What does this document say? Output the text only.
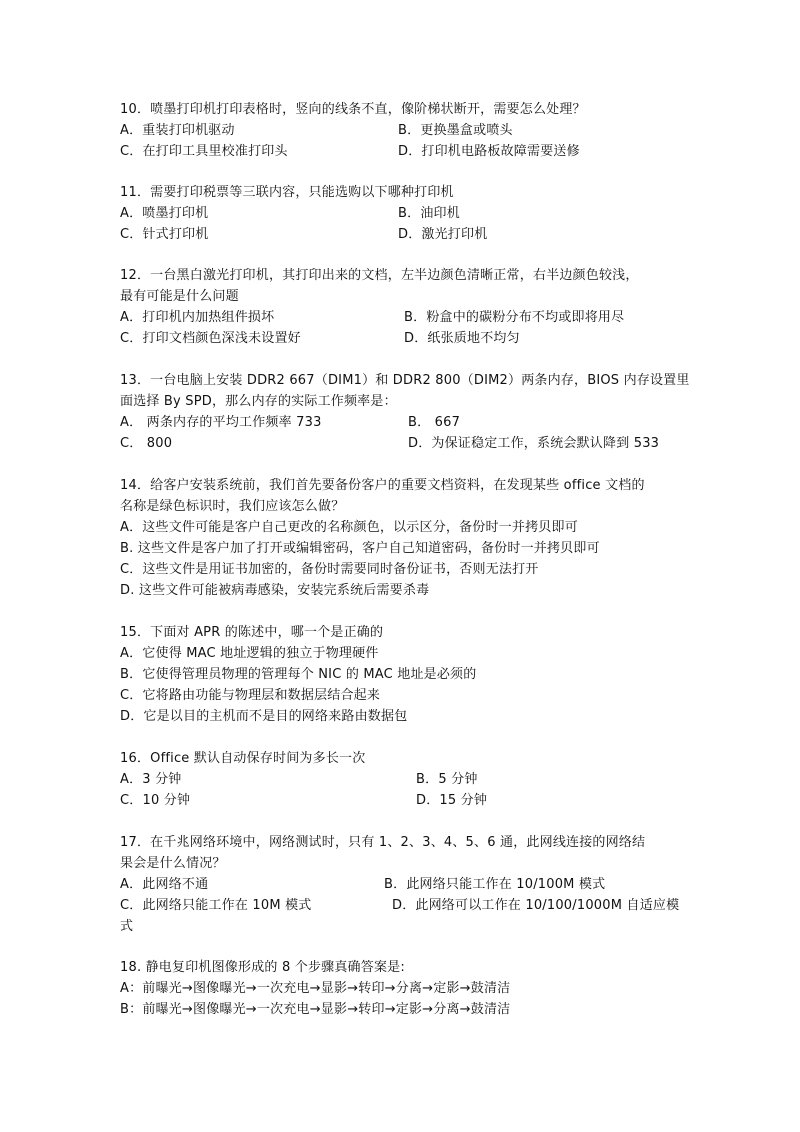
10．喷墨打印机打印表格时，竖向的线条不直，像阶梯状断开，需要怎么处理？
A．重装打印机驱动	B．更换墨盒或喷头
C．在打印工具里校准打印头	D．打印机电路板故障需要送修
11．需要打印税票等三联内容，只能选购以下哪种打印机
A．喷墨打印机	B．油印机
C．针式打印机	D．激光打印机
12．一台黑白激光打印机，其打印出来的文档，左半边颜色清晰正常，右半边颜色较浅，
最有可能是什么问题
A．打印机内加热组件损坏	B．粉盒中的碳粉分布不均或即将用尽
C．打印文档颜色深浅未设置好	D．纸张质地不均匀
13．一台电脑上安装 DDR2 667（DIM1）和 DDR2 800（DIM2）两条内存，BIOS 内存设置里
面选择 By SPD，那么内存的实际工作频率是：
A． 两条内存的平均工作频率 733	B． 667
C． 800	D．为保证稳定工作，系统会默认降到 533
14．给客户安装系统前，我们首先要备份客户的重要文档资料，在发现某些 office 文档的
名称是绿色标识时，我们应该怎么做？
A．这些文件可能是客户自己更改的名称颜色，以示区分，备份时一并拷贝即可
B. 这些文件是客户加了打开或编辑密码，客户自己知道密码，备份时一并拷贝即可
C．这些文件是用证书加密的，备份时需要同时备份证书，否则无法打开
D. 这些文件可能被病毒感染，安装完系统后需要杀毒
15．下面对 APR 的陈述中，哪一个是正确的
A．它使得 MAC 地址逻辑的独立于物理硬件
B．它使得管理员物理的管理每个 NIC 的 MAC 地址是必须的
C．它将路由功能与物理层和数据层结合起来
D．它是以目的主机而不是目的网络来路由数据包
16．Office 默认自动保存时间为多长一次
A．3 分钟	B．5 分钟
C．10 分钟	D．15 分钟
17．在千兆网络环境中，网络测试时，只有 1、2、3、4、5、6 通，此网线连接的网络结
果会是什么情况？
A．此网络不通	B．此网络只能工作在 10/100M 模式
C．此网络只能工作在 10M 模式	D．此网络可以工作在 10/100/1000M 自适应模
式
18. 静电复印机图像形成的 8 个步骤真确答案是:
A：前曝光→图像曝光→一次充电→显影→转印→分离→定影→鼓清洁
B：前曝光→图像曝光→一次充电→显影→转印→定影→分离→鼓清洁
